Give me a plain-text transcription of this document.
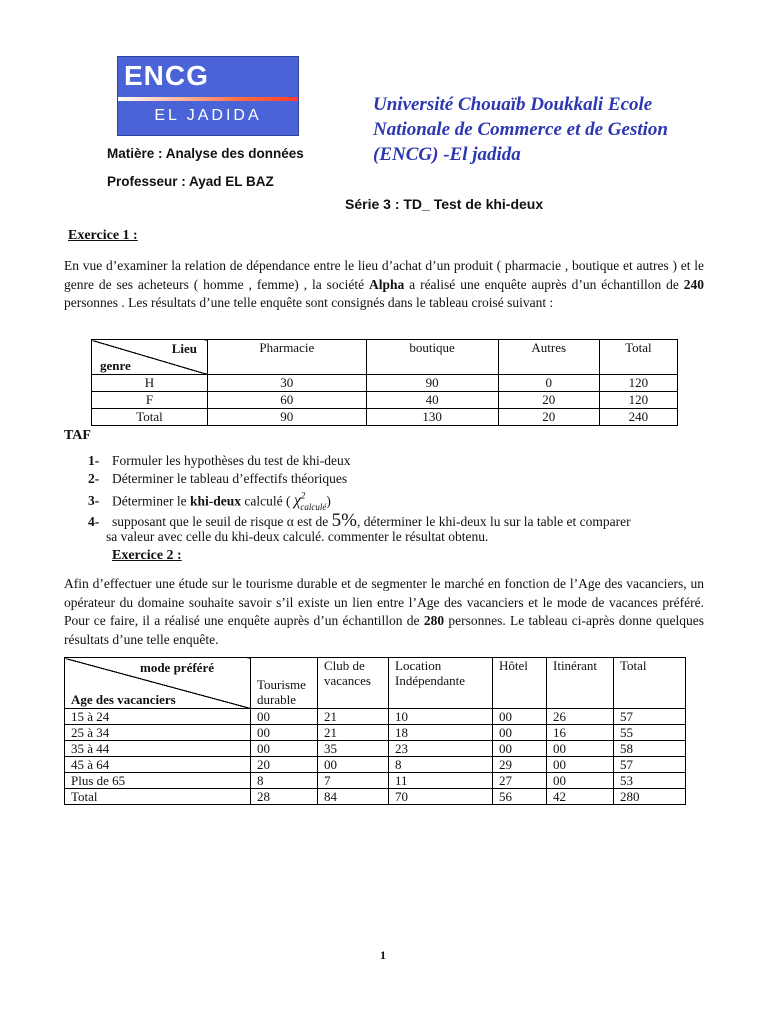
ENCG
EL JADIDA
Université Chouaïb Doukkali Ecole
Nationale de Commerce et de Gestion
(ENCG) -El jadida
Matière : Analyse des données
Professeur : Ayad EL BAZ
Série 3 : TD_ Test de khi-deux
Exercice 1 :
En vue d’examiner la relation de dépendance entre le lieu d’achat d’un produit ( pharmacie , boutique et autres ) et le genre de ses acheteurs ( homme , femme) , la société Alpha a réalisé une enquête auprès d’un échantillon de 240 personnes . Les résultats d’une telle enquête sont consignés dans le tableau croisé suivant :
Lieu
genre	Pharmacie	boutique	Autres	Total
H	30	90	0	120
F	60	40	20	120
Total	90	130	20	240
TAF
1- Formuler les hypothèses du test de khi-deux
2- Déterminer le tableau d’effectifs théoriques
3- Déterminer le khi-deux calculé ( $\chi^2_{calculé}$)
4- supposant que le seuil de risque α est de 5%, déterminer le khi-deux lu sur la table et comparer
sa valeur avec celle du khi-deux calculé. commenter le résultat obtenu.
Exercice 2 :
Afin d’effectuer une étude sur le tourisme durable et de segmenter le marché en fonction de l’Age des vacanciers, un opérateur du domaine souhaite savoir s’il existe un lien entre l’Age des vacanciers et le mode de vacances préféré. Pour ce faire, il a réalisé une enquête auprès d’un échantillon de 280 personnes. Le tableau ci-après donne quelques résultats d’une telle enquête.
mode préféré
Age des vacanciers	Tourisme durable	Club de vacances	Location Indépendante	Hôtel	Itinérant	Total
15 à 24	00	21	10	00	26	57
25 à 34	00	21	18	00	16	55
35 à 44	00	35	23	00	00	58
45 à 64	20	00	8	29	00	57
Plus de 65	8	7	11	27	00	53
Total	28	84	70	56	42	280
1
